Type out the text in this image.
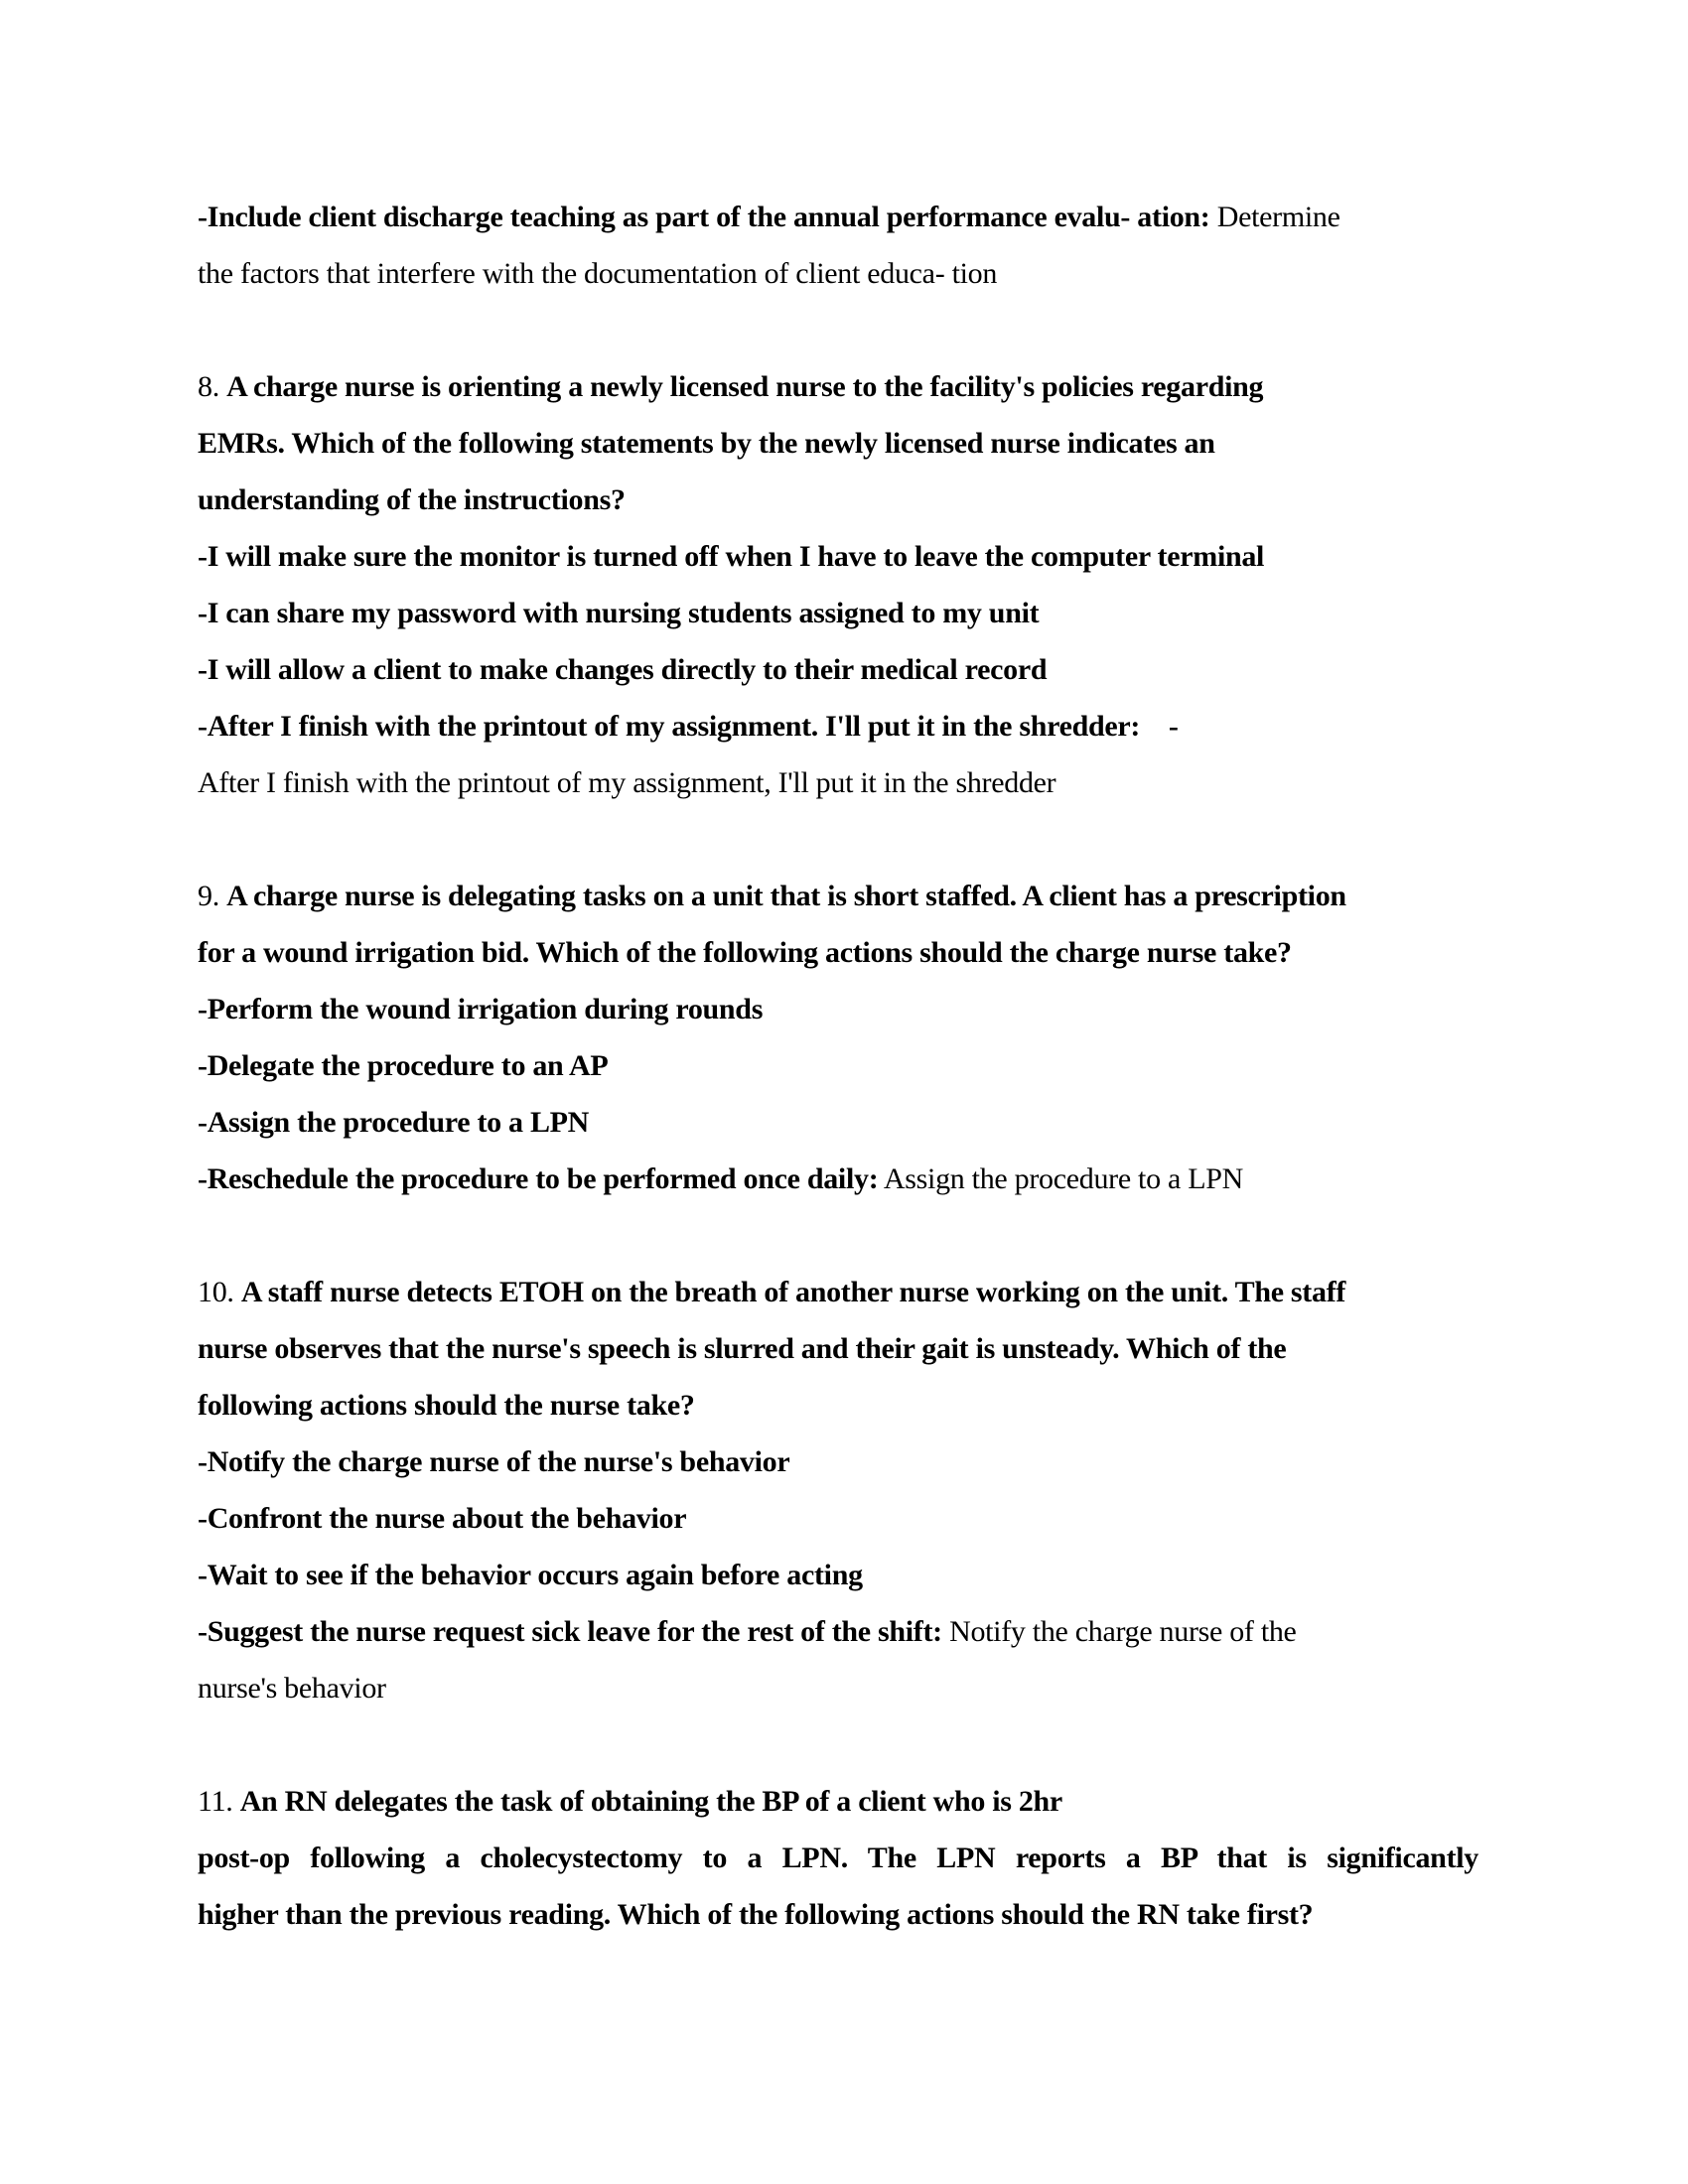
-Include client discharge teaching as part of the annual performance evalu- ation: Determine
the factors that interfere with the documentation of client educa- tion
8. A charge nurse is orienting a newly licensed nurse to the facility's policies regarding
EMRs. Which of the following statements by the newly licensed nurse indicates an
understanding of the instructions?
-I will make sure the monitor is turned off when I have to leave the computer terminal
-I can share my password with nursing students assigned to my unit
-I will allow a client to make changes directly to their medical record
-After I finish with the printout of my assignment. I'll put it in the shredder:    -
After I finish with the printout of my assignment, I'll put it in the shredder
9. A charge nurse is delegating tasks on a unit that is short staffed. A client has a prescription
for a wound irrigation bid. Which of the following actions should the charge nurse take?
-Perform the wound irrigation during rounds
-Delegate the procedure to an AP
-Assign the procedure to a LPN
-Reschedule the procedure to be performed once daily: Assign the procedure to a LPN
10. A staff nurse detects ETOH on the breath of another nurse working on the unit. The staff
nurse observes that the nurse's speech is slurred and their gait is unsteady. Which of the
following actions should the nurse take?
-Notify the charge nurse of the nurse's behavior
-Confront the nurse about the behavior
-Wait to see if the behavior occurs again before acting
-Suggest the nurse request sick leave for the rest of the shift: Notify the charge nurse of the
nurse's behavior
11. An RN delegates the task of obtaining the BP of a client who is 2hr
post-op following a cholecystectomy to a LPN. The LPN reports a BP that is significantly
higher than the previous reading. Which of the following actions should the RN take first?
